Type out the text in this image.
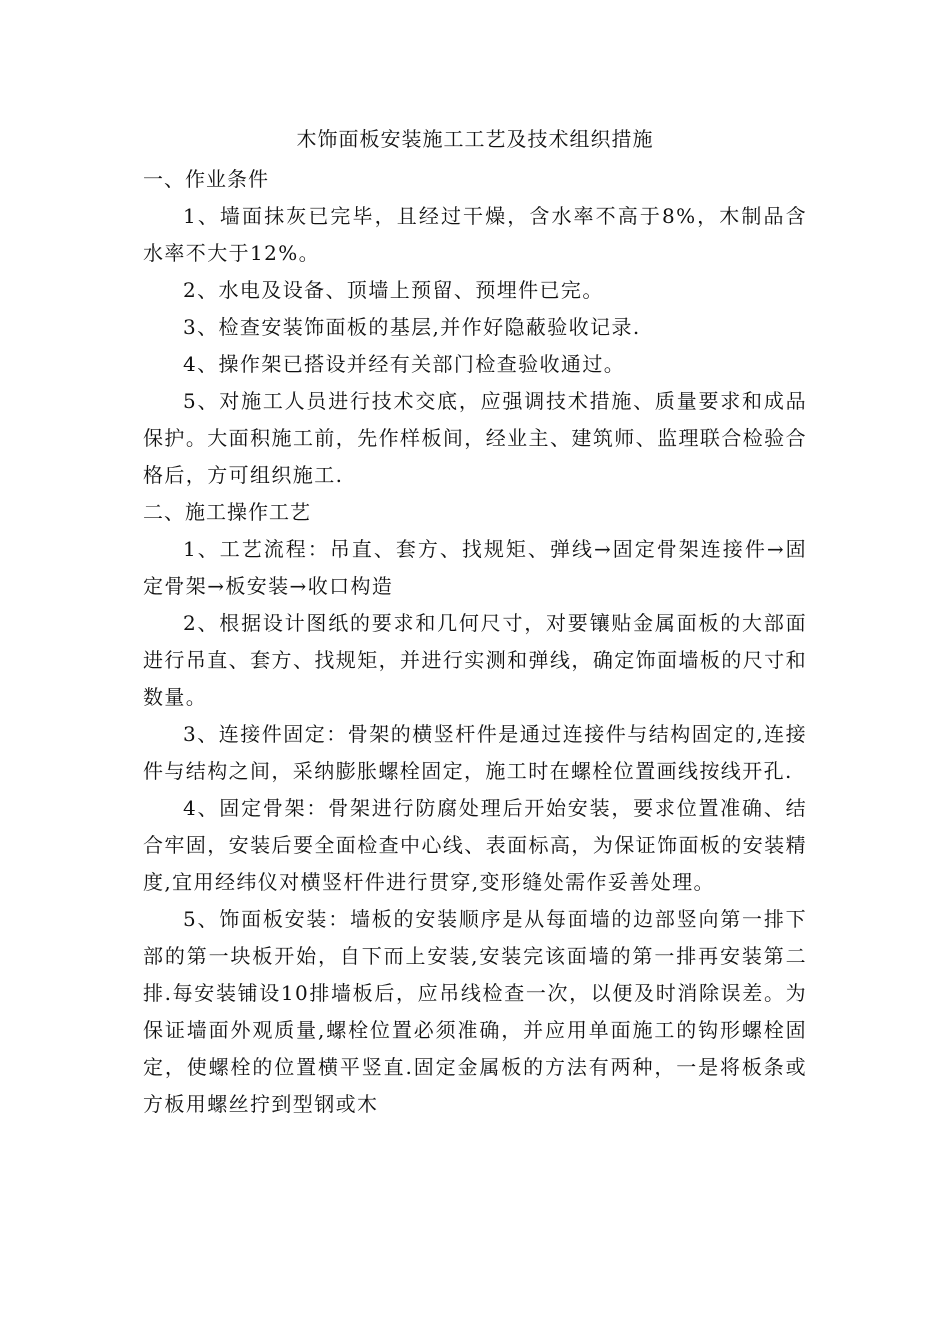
木饰面板安装施工工艺及技术组织措施
一、作业条件

1、墙面抹灰已完毕，且经过干燥，含水率不高于8%，木制品含水率不大于12%。

2、水电及设备、顶墙上预留、预埋件已完。

3、检查安装饰面板的基层,并作好隐蔽验收记录.

4、操作架已搭设并经有关部门检查验收通过。

5、对施工人员进行技术交底，应强调技术措施、质量要求和成品保护。大面积施工前，先作样板间，经业主、建筑师、监理联合检验合格后，方可组织施工.

二、施工操作工艺

1、工艺流程：吊直、套方、找规矩、弹线→固定骨架连接件→固定骨架→板安装→收口构造

2、根据设计图纸的要求和几何尺寸，对要镶贴金属面板的大部面进行吊直、套方、找规矩，并进行实测和弹线，确定饰面墙板的尺寸和数量。

3、连接件固定：骨架的横竖杆件是通过连接件与结构固定的,连接件与结构之间，采纳膨胀螺栓固定，施工时在螺栓位置画线按线开孔.

4、固定骨架：骨架进行防腐处理后开始安装，要求位置准确、结合牢固，安装后要全面检查中心线、表面标高，为保证饰面板的安装精度,宜用经纬仪对横竖杆件进行贯穿,变形缝处需作妥善处理。

5、饰面板安装：墙板的安装顺序是从每面墙的边部竖向第一排下部的第一块板开始，自下而上安装,安装完该面墙的第一排再安装第二排.每安装铺设10排墙板后，应吊线检查一次，以便及时消除误差。为保证墙面外观质量,螺栓位置必须准确，并应用单面施工的钩形螺栓固定，使螺栓的位置横平竖直.固定金属板的方法有两种，一是将板条或方板用螺丝拧到型钢或木
